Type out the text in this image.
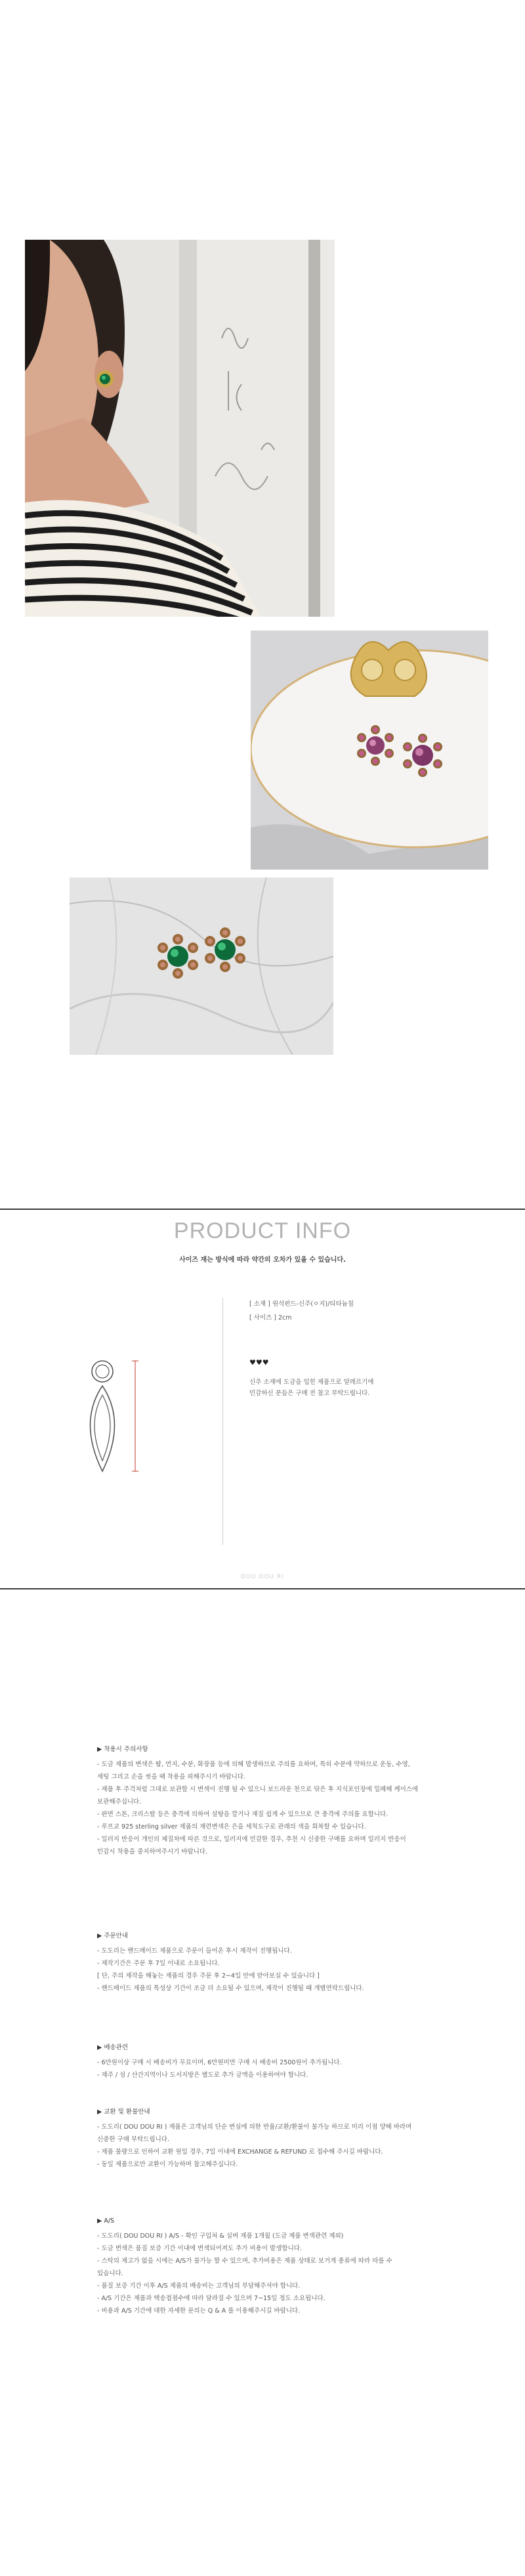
PRODUCT INFO
사이즈 재는 방식에 따라 약간의 오차가 있을 수 있습니다.
[ 소재 ] 원석펀드-신주(ㅇ지)/티타늄침
[ 사이즈 ] 2cm
♥♥♥
신주 소재에 도금을 입힌 제품으로 알레르기에
민감하신 분들은 구매 전 참고 부탁드립니다.
DOU DOU RI
▶ 착용시 주의사항
- 도금 제품의 변색은 땀, 먼지, 수분, 화장품 등에 의해 발생하므로 주의를 요하며, 특히 수분에 약하므로 운동, 수영,
세팅 그리고 손을 씻을 때 착용을 피해주시기 바랍니다.
- 제품 후 주걱처럼 그대로 보관할 시 변색이 진행 될 수 있으니 보드라운 천으로 닦은 후 지식포인장에 밀폐해 케이스에
보관해주십니다.
- 판면 스톤, 크리스탈 등은 충격에 의하여 설탕을 깔거나 재질 쉽게 수 있으므로 큰 충격에 주의를 요합니다.
- 루프교 925 sterling silver 제품의 재련변색은 은을 세척도구로 관래의 색을 회복할 수 있습니다.
- 일러지 반응이 개인의 체질차에 따른 것으로, 일러지에 민감한 경우, 추천 시 신중한 구매를 요하며 일러지 반응이
민감시 착용을 중지하여주시기 바랍니다.
▶ 주문안내
- 도도리는 핸드메이드 제품으로 주문이 들어온 후시 제작이 진행됩니다.
- 제작기간은 주문 후 7일 이내로 소요됩니다.
[ 단, 주의 제작을 해놓는 제품의 경우 주문 후 2~4일 안에 받아보실 수 있습니다 ]
- 핸드메이드 제품의 특성상 기간이 조금 더 소요될 수 있으며, 제작이 진행될 때 개별연락드립니다.
▶ 배송관련
- 6만원이상 구매 시 배송비가 무료이며, 6만원미만 구매 시 배송비 2500원이 추가됩니다.
- 제주 / 섬 / 산간지역이나 도서지방은 별도로 추가 금액을 이용하여야 합니다.
▶ 교환 및 환불안내
- 도도리( DOU DOU RI ) 제품은 고객님의 단순 변심에 의한 반품/교환/환불이 불가능 하므로 미리 이점 양해 바라며
신중한 구매 부탁드립니다.
- 제품 불량으로 인하여 교환 원일 경우, 7일 이내에 EXCHANGE & REFUND 로 접수해 주시길 바랍니다.
- 동일 제품으로만 교환이 가능하며 참고해주십니다.
▶ A/S
- 도도리( DOU DOU RI ) A/S - 확인 구입처 & 실버 제품 1개월 (도금 제품 변색관련 제외)
- 도금 변색은 품질 보증 기간 이내에 변색되어져도 추가 비용이 발생합니다.
- 스탁의 재고가 없을 시에는 A/S가 불가능 할 수 있으며, 추가비용은 제품 상태로 보거게 종류에 따라 따를 수
있습니다.
- 품질 보증 기간 이후 A/S 제품의 배송비는 고객님의 부담해주셔야 합니다.
- A/S 기간은 제품과 택송접점수에 따라 달라질 수 있으며 7~15일 정도 소요됩니다.
- 비용과 A/S 기간에 대한 자세한 문의는 Q & A 를 이용해주시길 바랍니다.
